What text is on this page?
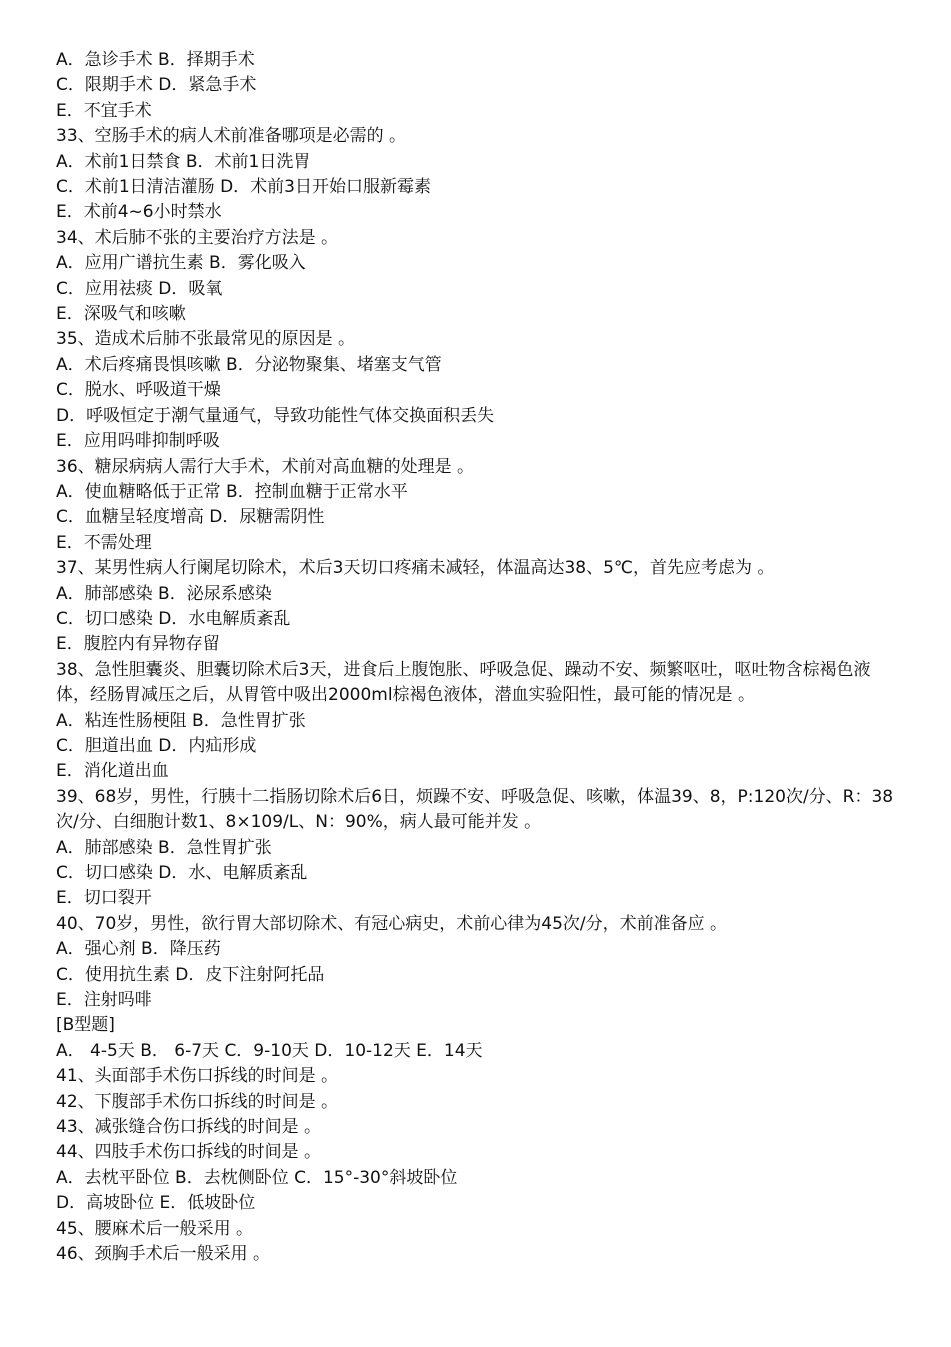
A．急诊手术 B．择期手术

C．限期手术 D．紧急手术

E．不宜手术

33、空肠手术的病人术前准备哪项是必需的 。

A．术前1日禁食 B．术前1日洗胃

C．术前1日清洁灌肠 D．术前3日开始口服新霉素

E．术前4~6小时禁水

34、术后肺不张的主要治疗方法是 。

A．应用广谱抗生素 B．雾化吸入

C．应用祛痰 D．吸氧

E．深吸气和咳嗽

35、造成术后肺不张最常见的原因是 。

A．术后疼痛畏惧咳嗽 B．分泌物聚集、堵塞支气管

C．脱水、呼吸道干燥

D．呼吸恒定于潮气量通气，导致功能性气体交换面积丢失

E．应用吗啡抑制呼吸

36、糖尿病病人需行大手术，术前对高血糖的处理是 。

A．使血糖略低于正常 B．控制血糖于正常水平

C．血糖呈轻度增高 D．尿糖需阴性

E．不需处理

37、某男性病人行阑尾切除术，术后3天切口疼痛未减轻，体温高达38、5℃，首先应考虑为 。

A．肺部感染 B．泌尿系感染

C．切口感染 D．水电解质紊乱

E．腹腔内有异物存留

38、急性胆囊炎、胆囊切除术后3天，进食后上腹饱胀、呼吸急促、躁动不安、频繁呕吐，呕吐物含棕褐色液体，经肠胃减压之后，从胃管中吸出2000ml棕褐色液体，潜血实验阳性，最可能的情况是 。

A．粘连性肠梗阻 B．急性胃扩张

C．胆道出血 D．内疝形成

E．消化道出血

39、68岁，男性，行胰十二指肠切除术后6日，烦躁不安、呼吸急促、咳嗽，体温39、8，P:120次/分、R：38次/分、白细胞计数1、8×109/L、N：90%，病人最可能并发 。

A．肺部感染 B．急性胃扩张

C．切口感染 D．水、电解质紊乱

E．切口裂开

40、70岁，男性，欲行胃大部切除术、有冠心病史，术前心律为45次/分，术前准备应 。

A．强心剂 B．降压药

C．使用抗生素 D．皮下注射阿托品

E．注射吗啡

[B型题]

A． 4-5天 B． 6-7天 C．9-10天 D．10-12天 E．14天

41、头面部手术伤口拆线的时间是 。

42、下腹部手术伤口拆线的时间是 。

43、减张缝合伤口拆线的时间是 。

44、四肢手术伤口拆线的时间是 。

A．去枕平卧位 B．去枕侧卧位 C．15°-30°斜坡卧位

D．高坡卧位 E．低坡卧位

45、腰麻术后一般采用 。

46、颈胸手术后一般采用 。
